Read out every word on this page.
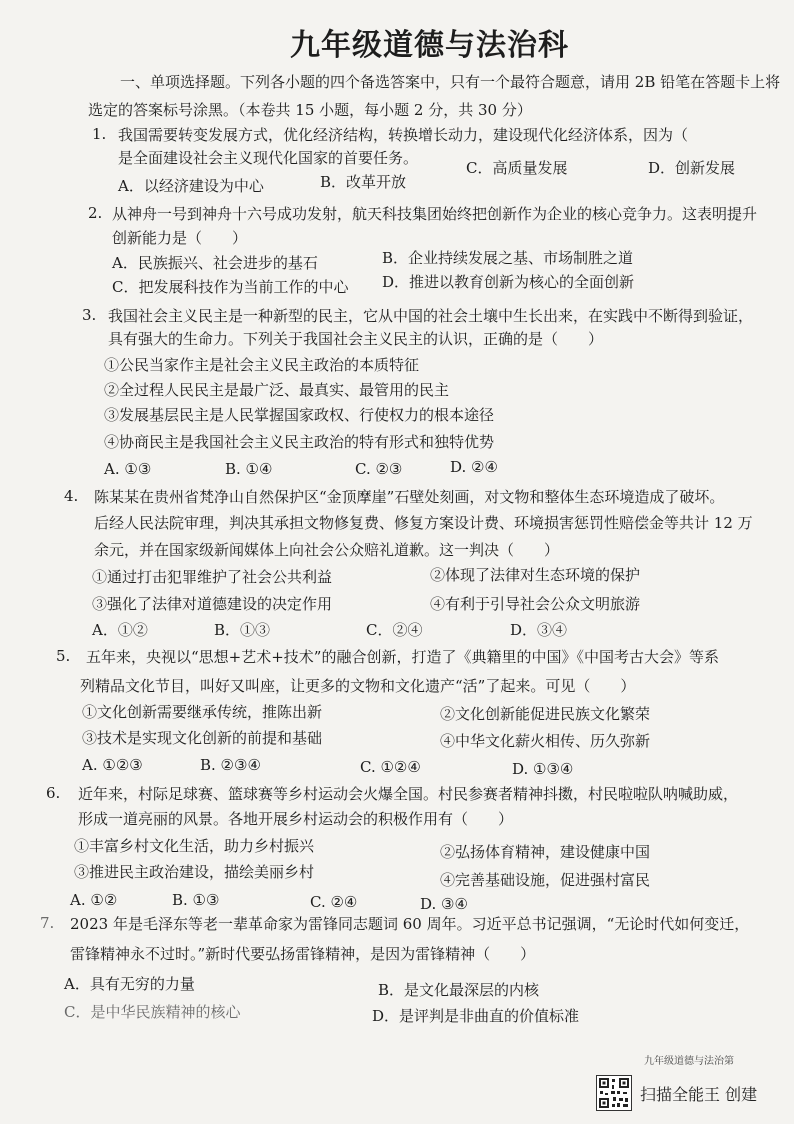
九年级道德与法治科
一、单项选择题。下列各小题的四个备选答案中，只有一个最符合题意，请用 2B 铅笔在答题卡上将
选定的答案标号涂黑。（本卷共 15 小题，每小题 2 分，共 30 分）
1. 我国需要转变发展方式，优化经济结构，转换增长动力，建设现代化经济体系，因为（
是全面建设社会主义现代化国家的首要任务。
A．以经济建设为中心	B．改革开放
C．高质量发展	D．创新发展
2. 从神舟一号到神舟十六号成功发射，航天科技集团始终把创新作为企业的核心竞争力。这表明提升
创新能力是（　　）
A．民族振兴、社会进步的基石	B．企业持续发展之基、市场制胜之道
C．把发展科技作为当前工作的中心 D．推进以教育创新为核心的全面创新
3. 我国社会主义民主是一种新型的民主，它从中国的社会土壤中生长出来，在实践中不断得到验证，
具有强大的生命力。下列关于我国社会主义民主的认识，正确的是（　　）
①公民当家作主是社会主义民主政治的本质特征
②全过程人民民主是最广泛、最真实、最管用的民主
③发展基层民主是人民掌握国家政权、行使权力的根本途径
④协商民主是我国社会主义民主政治的特有形式和独特优势
A. ①③	B. ①④	C. ②③	D. ②④
4. 陈某某在贵州省梵净山自然保护区“金顶摩崖”石壁处刻画，对文物和整体生态环境造成了破坏。
后经人民法院审理，判决其承担文物修复费、修复方案设计费、环境损害惩罚性赔偿金等共计 12 万
余元，并在国家级新闻媒体上向社会公众赔礼道歉。这一判决（　　）
①通过打击犯罪维护了社会公共利益	②体现了法律对生态环境的保护
③强化了法律对道德建设的决定作用	④有利于引导社会公众文明旅游
A．①②	B．①③	C．②④	D．③④
5. 五年来，央视以“思想+艺术+技术”的融合创新，打造了《典籍里的中国》《中国考古大会》等系
列精品文化节目，叫好又叫座，让更多的文物和文化遗产“活”了起来。可见（　　）
①文化创新需要继承传统，推陈出新	②文化创新能促进民族文化繁荣
③技术是实现文化创新的前提和基础	④中华文化薪火相传、历久弥新
A. ①②③	B. ②③④	C. ①②④	D. ①③④
6. 近年来，村际足球赛、篮球赛等乡村运动会火爆全国。村民参赛者精神抖擞，村民啦啦队呐喊助威，
形成一道亮丽的风景。各地开展乡村运动会的积极作用有（　　）
①丰富乡村文化生活，助力乡村振兴	②弘扬体育精神，建设健康中国
③推进民主政治建设，描绘美丽乡村	④完善基础设施，促进强村富民
A. ①②	B. ①③	C. ②④	D. ③④
7. 2023 年是毛泽东等老一辈革命家为雷锋同志题词 60 周年。习近平总书记强调，“无论时代如何变迁，
雷锋精神永不过时。”新时代要弘扬雷锋精神，是因为雷锋精神（　　）
A．具有无穷的力量	B．是文化最深层的内核
C．是中华民族精神的核心	D．是评判是非曲直的价值标准
九年级道德与法治第
扫描全能王 创建
